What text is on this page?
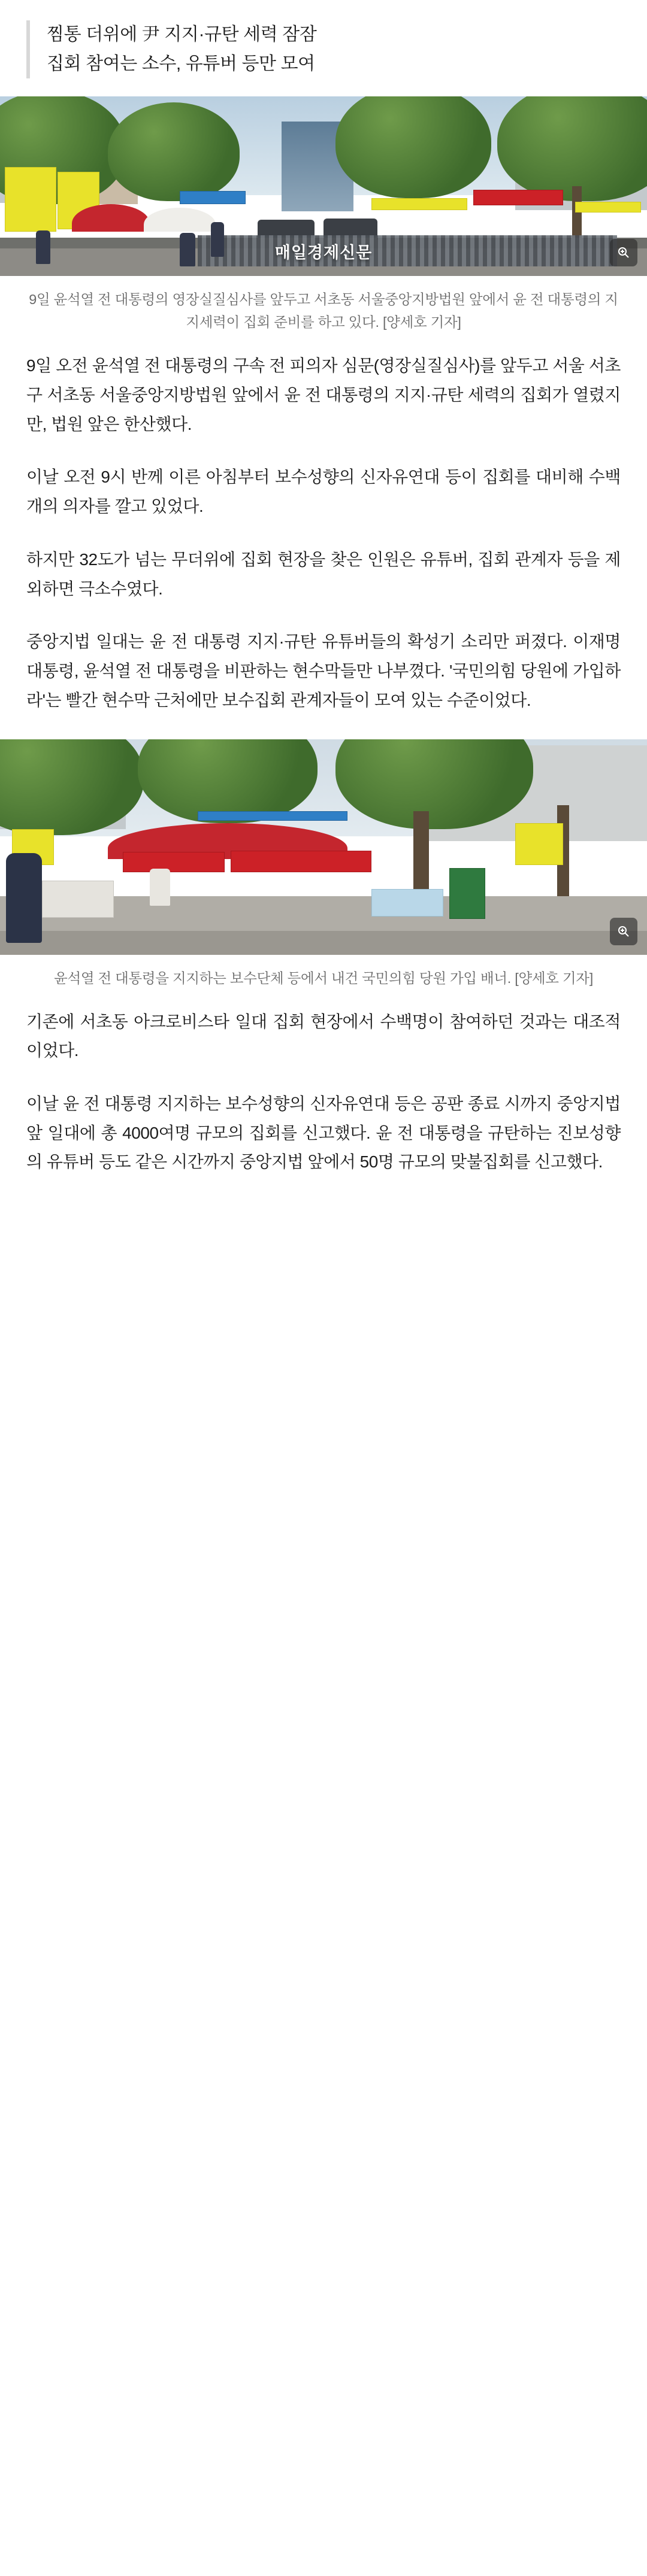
찜통 더위에 尹 지지·규탄 세력 잠잠
집회 참여는 소수, 유튜버 등만 모여
매일경제신문
9일 윤석열 전 대통령의 영장실질심사를 앞두고 서초동 서울중앙지방법원 앞에서 윤 전 대통령의 지지세력이 집회 준비를 하고 있다. [양세호 기자]

9일 오전 윤석열 전 대통령의 구속 전 피의자 심문(영장실질심사)를 앞두고 서울 서초구 서초동 서울중앙지방법원 앞에서 윤 전 대통령의 지지·규탄 세력의 집회가 열렸지만, 법원 앞은 한산했다.

이날 오전 9시 반께 이른 아침부터 보수성향의 신자유연대 등이 집회를 대비해 수백개의 의자를 깔고 있었다.

하지만 32도가 넘는 무더위에 집회 현장을 찾은 인원은 유튜버, 집회 관계자 등을 제외하면 극소수였다.

중앙지법 일대는 윤 전 대통령 지지·규탄 유튜버들의 확성기 소리만 퍼졌다. 이재명 대통령, 윤석열 전 대통령을 비판하는 현수막들만 나부꼈다. '국민의힘 당원에 가입하라'는 빨간 현수막 근처에만 보수집회 관계자들이 모여 있는 수준이었다.

윤석열 전 대통령을 지지하는 보수단체 등에서 내건 국민의힘 당원 가입 배너. [양세호 기자]

기존에 서초동 아크로비스타 일대 집회 현장에서 수백명이 참여하던 것과는 대조적이었다.

이날 윤 전 대통령 지지하는 보수성향의 신자유연대 등은 공판 종료 시까지 중앙지법 앞 일대에 총 4000여명 규모의 집회를 신고했다. 윤 전 대통령을 규탄하는 진보성향의 유튜버 등도 같은 시간까지 중앙지법 앞에서 50명 규모의 맞불집회를 신고했다.
